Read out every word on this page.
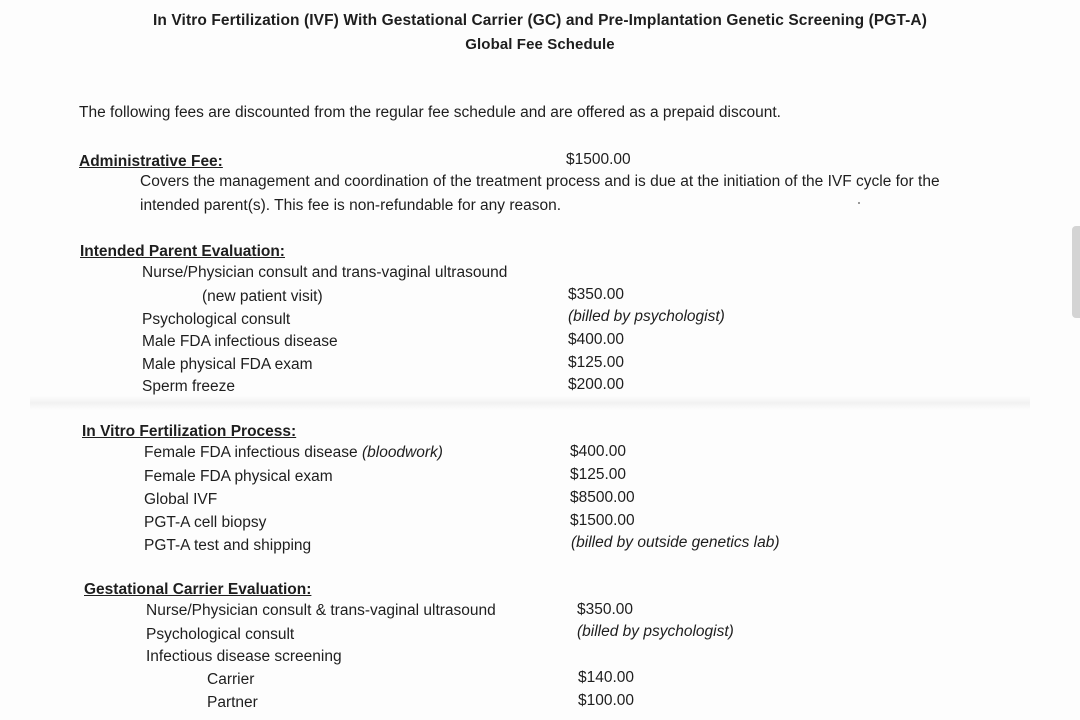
In Vitro Fertilization (IVF) With Gestational Carrier (GC) and Pre-Implantation Genetic Screening (PGT-A)
Global Fee Schedule
The following fees are discounted from the regular fee schedule and are offered as a prepaid discount.
Administrative Fee:	$1500.00
Covers the management and coordination of the treatment process and is due at the initiation of the IVF cycle for the intended parent(s). This fee is non-refundable for any reason.
Intended Parent Evaluation:
Nurse/Physician consult and trans-vaginal ultrasound
(new patient visit)	$350.00
Psychological consult	(billed by psychologist)
Male FDA infectious disease	$400.00
Male physical FDA exam	$125.00
Sperm freeze	$200.00
In Vitro Fertilization Process:
Female FDA infectious disease (bloodwork)	$400.00
Female FDA physical exam	$125.00
Global IVF	$8500.00
PGT-A cell biopsy	$1500.00
PGT-A test and shipping	(billed by outside genetics lab)
Gestational Carrier Evaluation:
Nurse/Physician consult & trans-vaginal ultrasound	$350.00
Psychological consult	(billed by psychologist)
Infectious disease screening
Carrier	$140.00
Partner	$100.00
